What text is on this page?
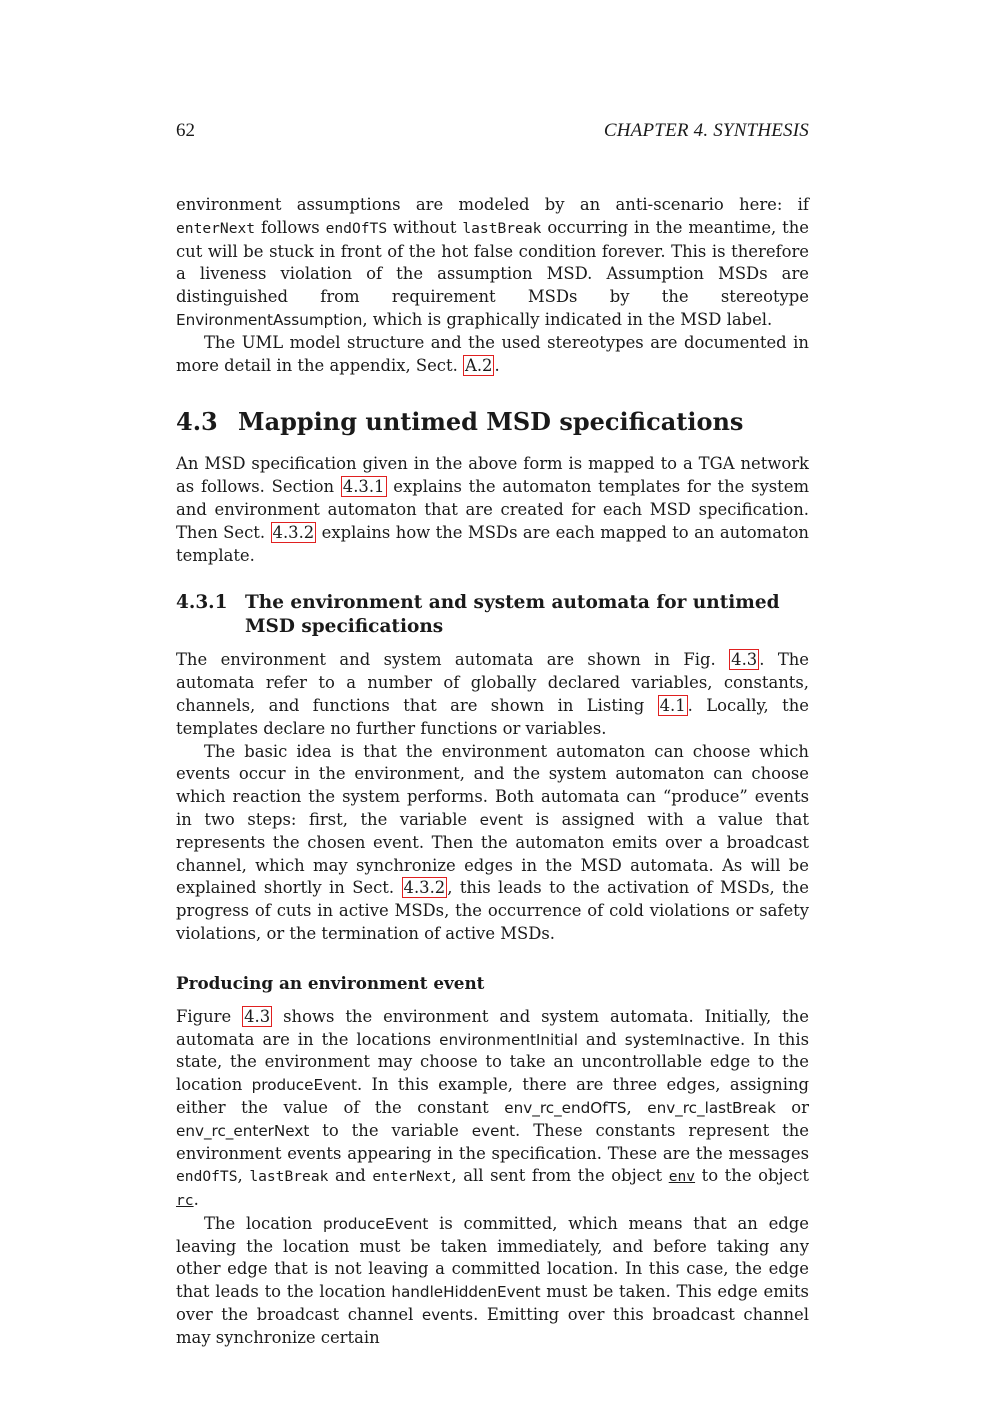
62	CHAPTER 4. SYNTHESIS

environment assumptions are modeled by an anti-scenario here: if enterNext follows endOfTS without lastBreak occurring in the meantime, the cut will be stuck in front of the hot false condition forever. This is therefore a liveness violation of the assumption MSD. Assumption MSDs are distinguished from requirement MSDs by the stereotype EnvironmentAssumption, which is graphically indicated in the MSD label.

The UML model structure and the used stereotypes are documented in more detail in the appendix, Sect. A.2 .

4.3 Mapping untimed MSD specifications

An MSD specification given in the above form is mapped to a TGA network as follows. Section 4.3.1 explains the automaton templates for the system and environment automaton that are created for each MSD specification. Then Sect. 4.3.2 explains how the MSDs are each mapped to an automaton template.

4.3.1 The environment and system automata for untimed MSD specifications

The environment and system automata are shown in Fig. 4.3 . The automata refer to a number of globally declared variables, constants, channels, and functions that are shown in Listing 4.1 . Locally, the templates declare no further functions or variables.

The basic idea is that the environment automaton can choose which events occur in the environment, and the system automaton can choose which reaction the system performs. Both automata can “produce” events in two steps: first, the variable event is assigned with a value that represents the chosen event. Then the automaton emits over a broadcast channel, which may synchronize edges in the MSD automata. As will be explained shortly in Sect. 4.3.2 , this leads to the activation of MSDs, the progress of cuts in active MSDs, the occurrence of cold violations or safety violations, or the termination of active MSDs.

Producing an environment event

Figure 4.3 shows the environment and system automata. Initially, the automata are in the locations environmentInitial and systemInactive. In this state, the environment may choose to take an uncontrollable edge to the location produceEvent. In this example, there are three edges, assigning either the value of the constant env_rc_endOfTS, env_rc_lastBreak or env_rc_enterNext to the variable event. These constants represent the environment events appearing in the specification. These are the messages endOfTS, lastBreak and enterNext, all sent from the object env to the object rc.

The location produceEvent is committed, which means that an edge leaving the location must be taken immediately, and before taking any other edge that is not leaving a committed location. In this case, the edge that leads to the location handleHiddenEvent must be taken. This edge emits over the broadcast channel events. Emitting over this broadcast channel may synchronize certain
